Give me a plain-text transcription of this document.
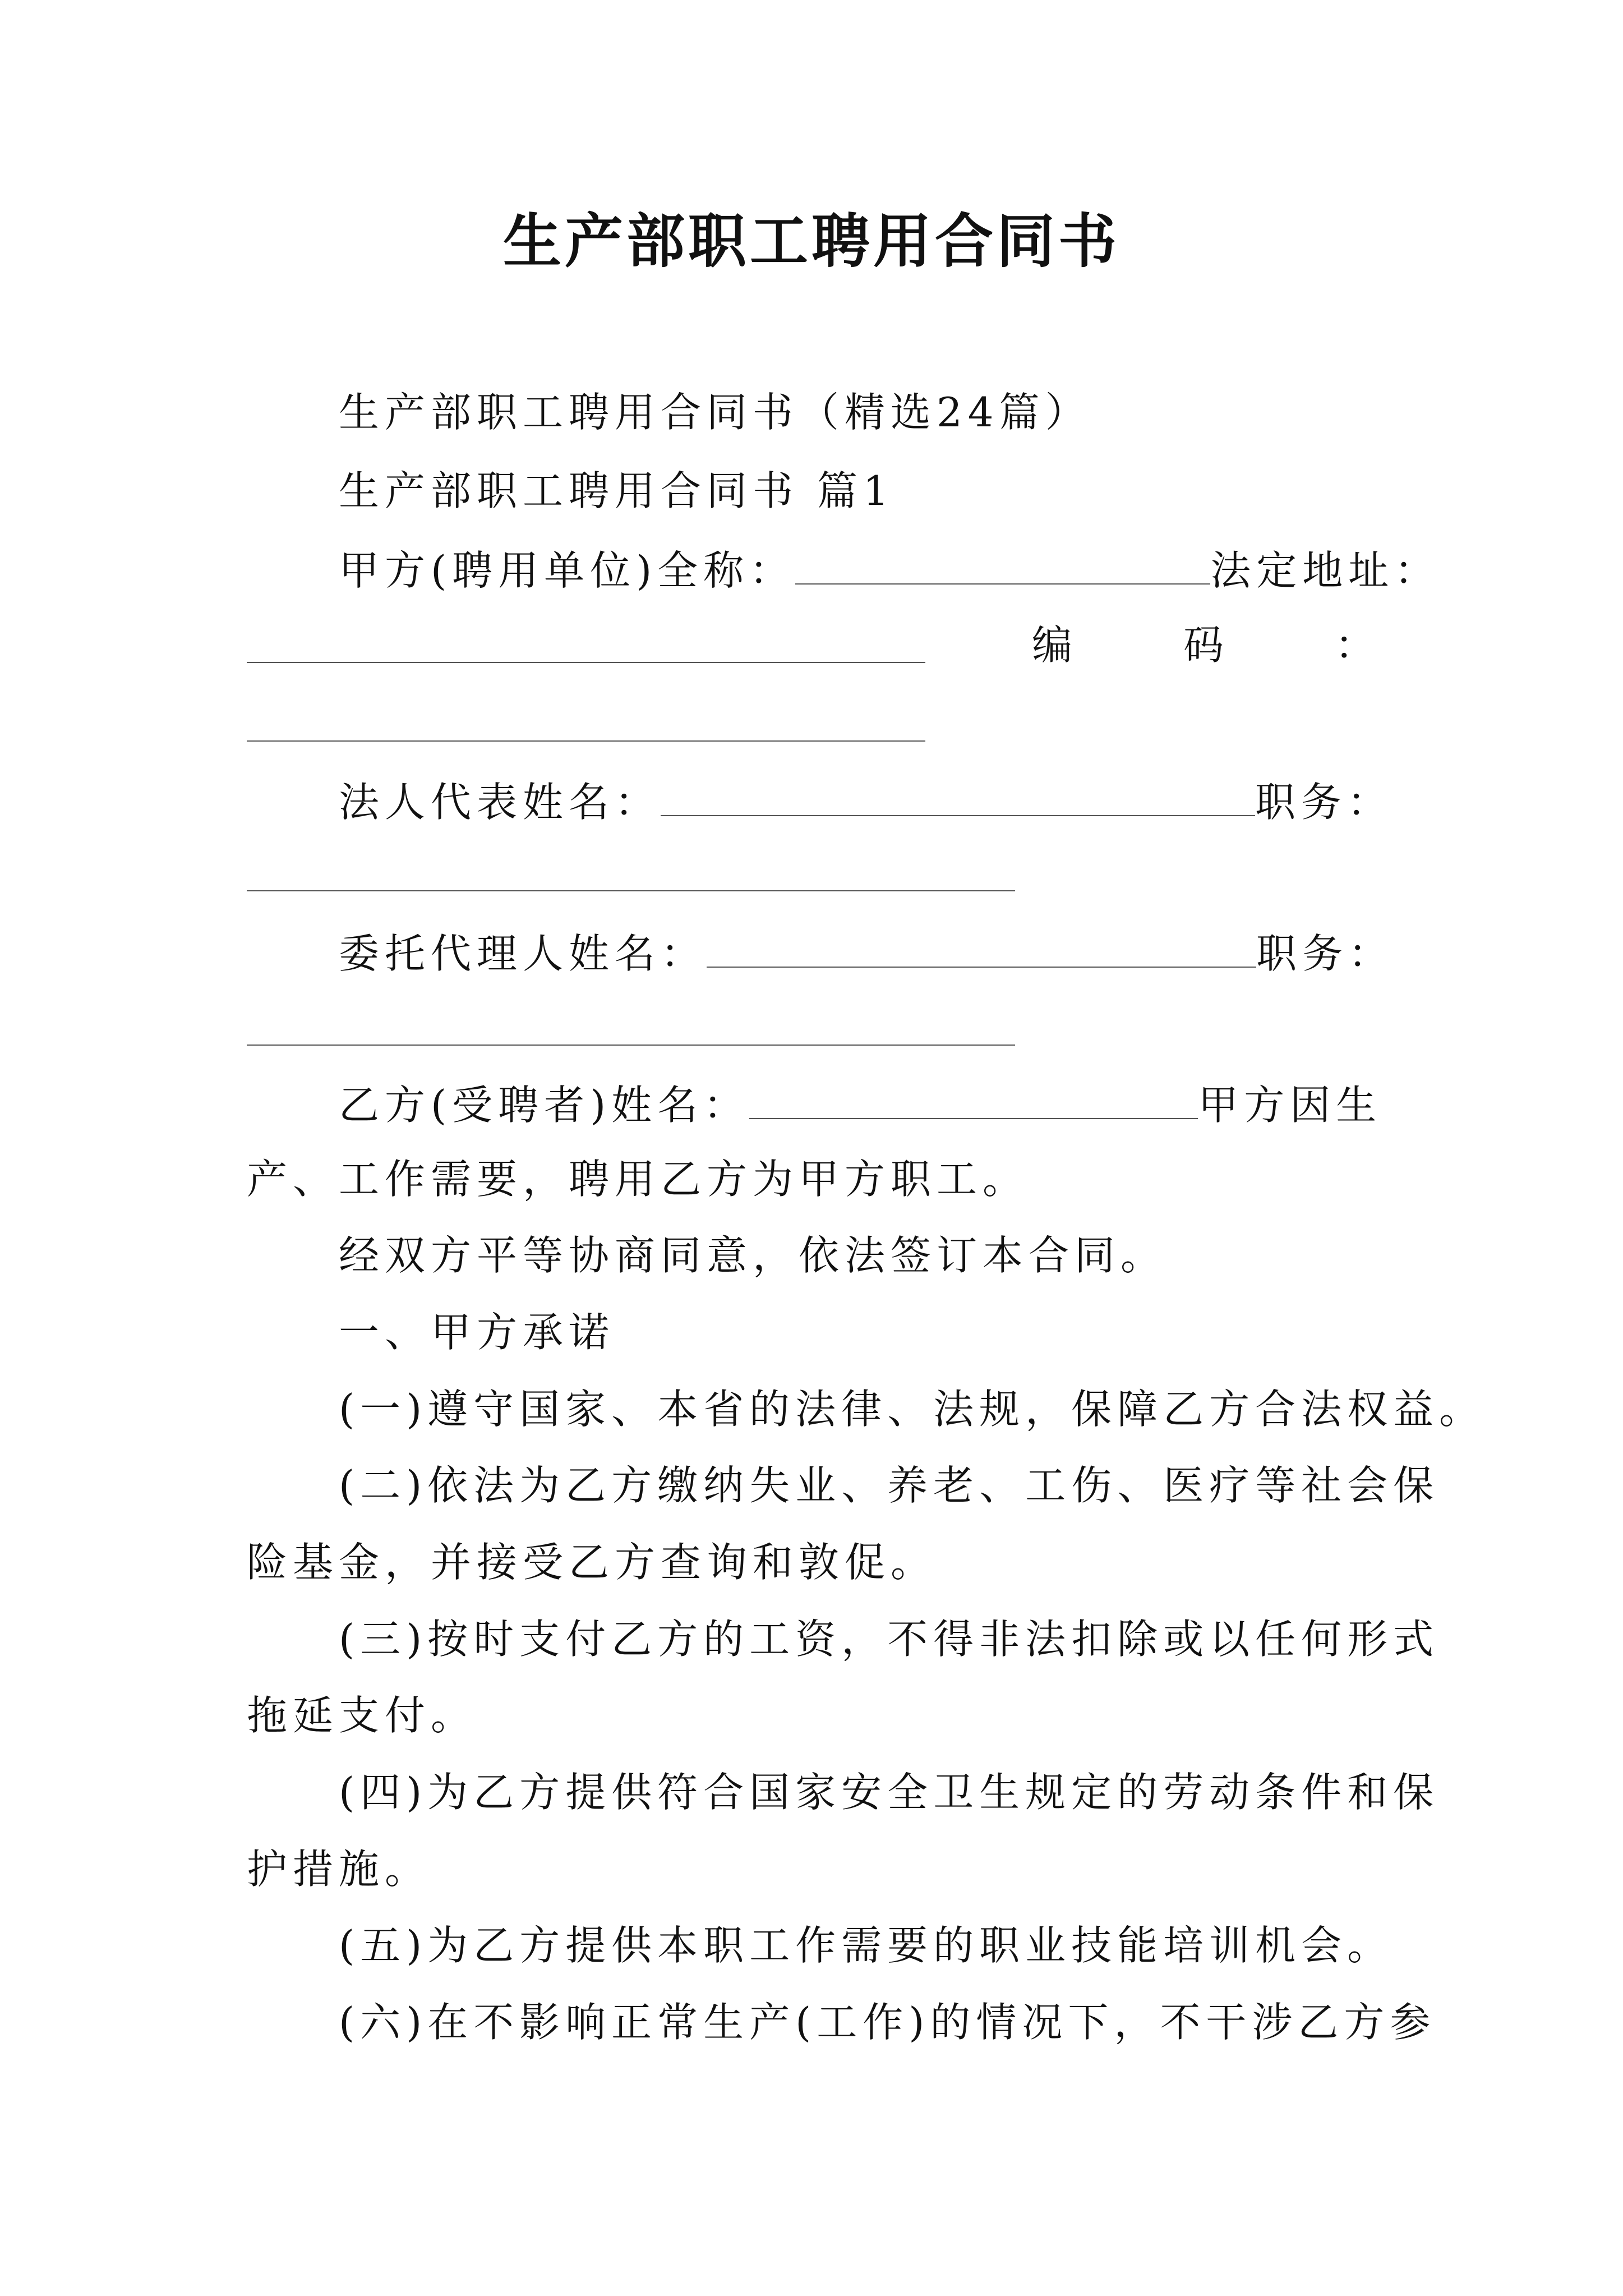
生产部职工聘用合同书
生产部职工聘用合同书（精选24篇）
生产部职工聘用合同书 篇1
甲方(聘用单位)全称：	法定地址：
编	码	：
法人代表姓名：	职务：
委托代理人姓名：	职务：
乙方(受聘者)姓名：	甲方因生
产、工作需要，聘用乙方为甲方职工。
经双方平等协商同意，依法签订本合同。
一、甲方承诺
(一)遵守国家、本省的法律、法规，保障乙方合法权益。
(二)依法为乙方缴纳失业、养老、工伤、医疗等社会保
险基金，并接受乙方查询和敦促。
(三)按时支付乙方的工资，不得非法扣除或以任何形式
拖延支付。
(四)为乙方提供符合国家安全卫生规定的劳动条件和保
护措施。
(五)为乙方提供本职工作需要的职业技能培训机会。
(六)在不影响正常生产(工作)的情况下，不干涉乙方参
